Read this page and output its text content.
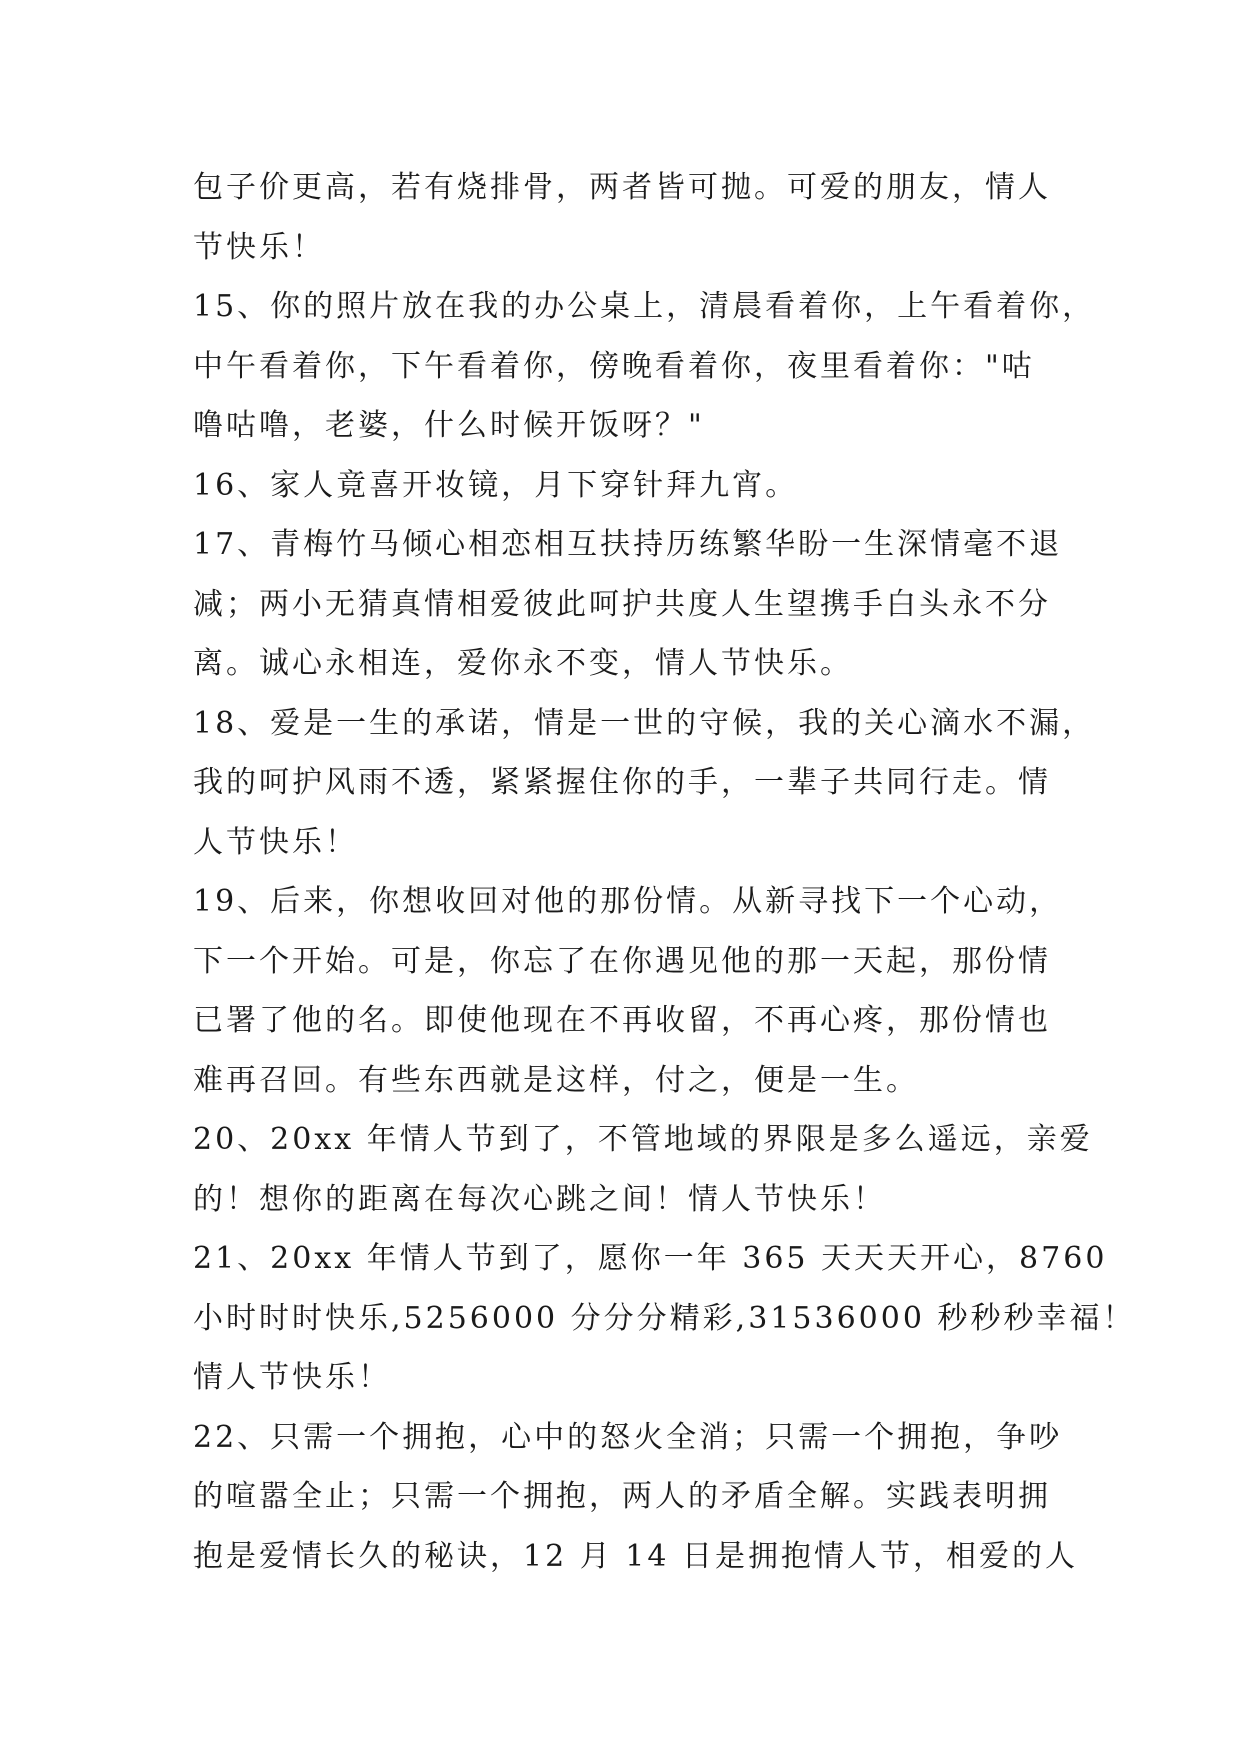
包子价更高，若有烧排骨，两者皆可抛。可爱的朋友，情人
节快乐！
15、你的照片放在我的办公桌上，清晨看着你，上午看着你，
中午看着你，下午看着你，傍晚看着你，夜里看着你："咕
噜咕噜，老婆，什么时候开饭呀？"
16、家人竟喜开妆镜，月下穿针拜九宵。
17、青梅竹马倾心相恋相互扶持历练繁华盼一生深情毫不退
减；两小无猜真情相爱彼此呵护共度人生望携手白头永不分
离。诚心永相连，爱你永不变，情人节快乐。
18、爱是一生的承诺，情是一世的守候，我的关心滴水不漏，
我的呵护风雨不透，紧紧握住你的手，一辈子共同行走。情
人节快乐！
19、后来，你想收回对他的那份情。从新寻找下一个心动，
下一个开始。可是，你忘了在你遇见他的那一天起，那份情
已署了他的名。即使他现在不再收留，不再心疼，那份情也
难再召回。有些东西就是这样，付之，便是一生。
20、20xx 年情人节到了，不管地域的界限是多么遥远，亲爱
的！想你的距离在每次心跳之间！情人节快乐！
21、20xx 年情人节到了，愿你一年 365 天天天开心，8760
小时时时快乐,5256000 分分分精彩,31536000 秒秒秒幸福！
情人节快乐！
22、只需一个拥抱，心中的怒火全消；只需一个拥抱，争吵
的喧嚣全止；只需一个拥抱，两人的矛盾全解。实践表明拥
抱是爱情长久的秘诀，12 月 14 日是拥抱情人节，相爱的人
